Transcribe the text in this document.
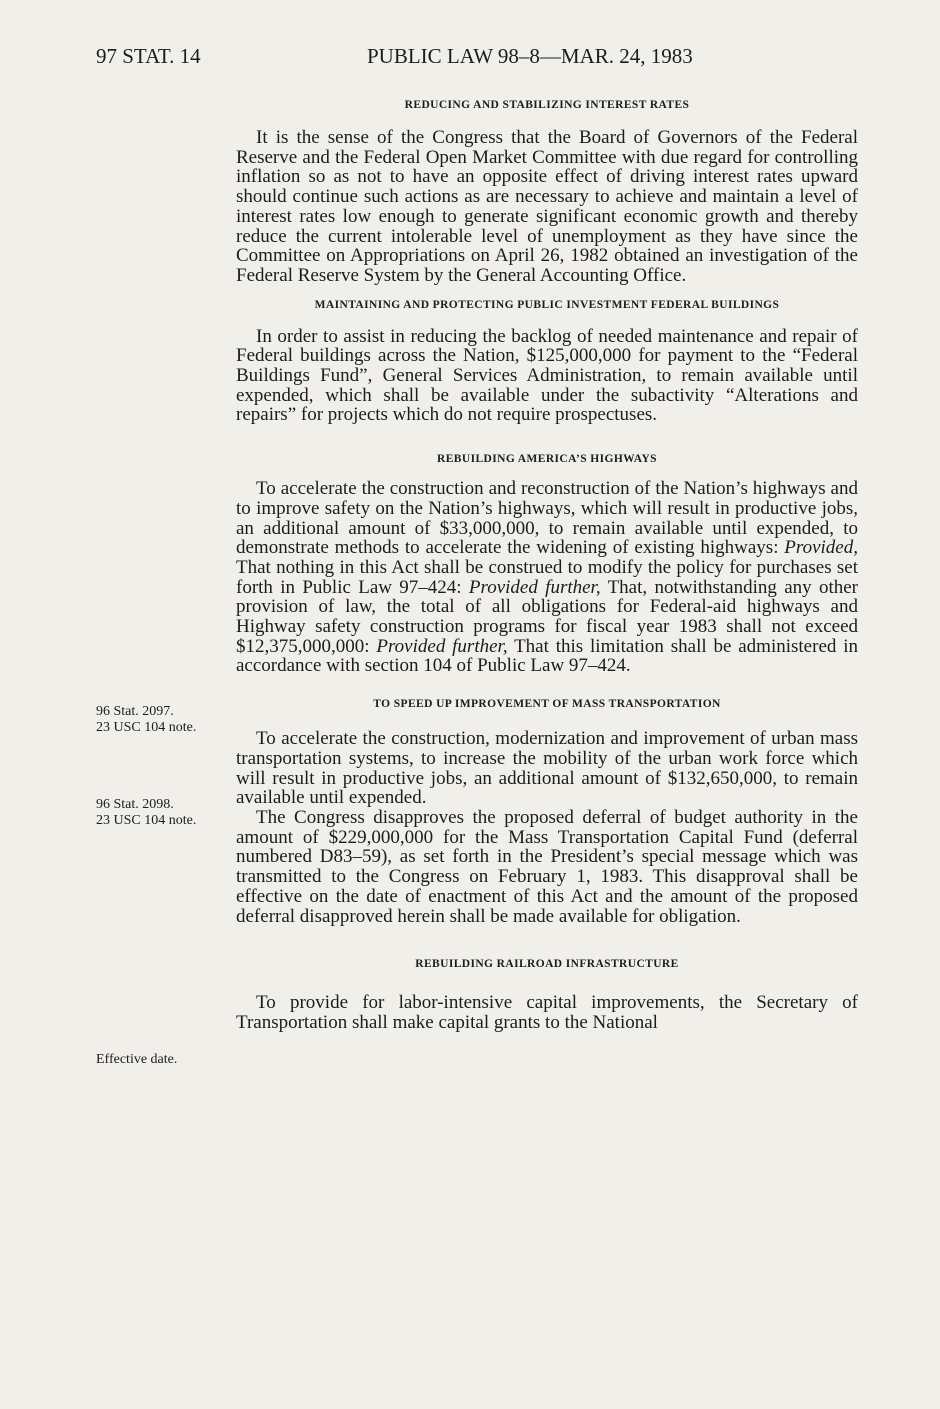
97 STAT. 14	PUBLIC LAW 98–8—MAR. 24, 1983
REDUCING AND STABILIZING INTEREST RATES

It is the sense of the Congress that the Board of Governors of the Federal Reserve and the Federal Open Market Committee with due regard for controlling inflation so as not to have an opposite effect of driving interest rates upward should continue such actions as are necessary to achieve and maintain a level of interest rates low enough to generate significant economic growth and thereby reduce the current intolerable level of unemployment as they have since the Committee on Appropriations on April 26, 1982 obtained an investigation of the Federal Reserve System by the General Accounting Office.

MAINTAINING AND PROTECTING PUBLIC INVESTMENT FEDERAL BUILDINGS

In order to assist in reducing the backlog of needed maintenance and repair of Federal buildings across the Nation, $125,000,000 for payment to the “Federal Buildings Fund”, General Services Administration, to remain available until expended, which shall be available under the subactivity “Alterations and repairs” for projects which do not require prospectuses.

REBUILDING AMERICA’S HIGHWAYS

To accelerate the construction and reconstruction of the Nation’s highways and to improve safety on the Nation’s highways, which will result in productive jobs, an additional amount of $33,000,000, to remain available until expended, to demonstrate methods to accelerate the widening of existing highways: Provided, That nothing in this Act shall be construed to modify the policy for purchases set forth in Public Law 97–424: Provided further, That, notwithstanding any other provision of law, the total of all obligations for Federal-aid highways and Highway safety construction programs for fiscal year 1983 shall not exceed $12,375,000,000: Provided further, That this limitation shall be administered in accordance with section 104 of Public Law 97–424.

TO SPEED UP IMPROVEMENT OF MASS TRANSPORTATION

To accelerate the construction, modernization and improvement of urban mass transportation systems, to increase the mobility of the urban work force which will result in productive jobs, an additional amount of $132,650,000, to remain available until expended.

The Congress disapproves the proposed deferral of budget authority in the amount of $229,000,000 for the Mass Transportation Capital Fund (deferral numbered D83–59), as set forth in the President’s special message which was transmitted to the Congress on February 1, 1983. This disapproval shall be effective on the date of enactment of this Act and the amount of the proposed deferral disapproved herein shall be made available for obligation.

REBUILDING RAILROAD INFRASTRUCTURE

To provide for labor-intensive capital improvements, the Secretary of Transportation shall make capital grants to the National

96 Stat. 2097.
23 USC 104 note.
96 Stat. 2098.
23 USC 104 note.
Effective date.
